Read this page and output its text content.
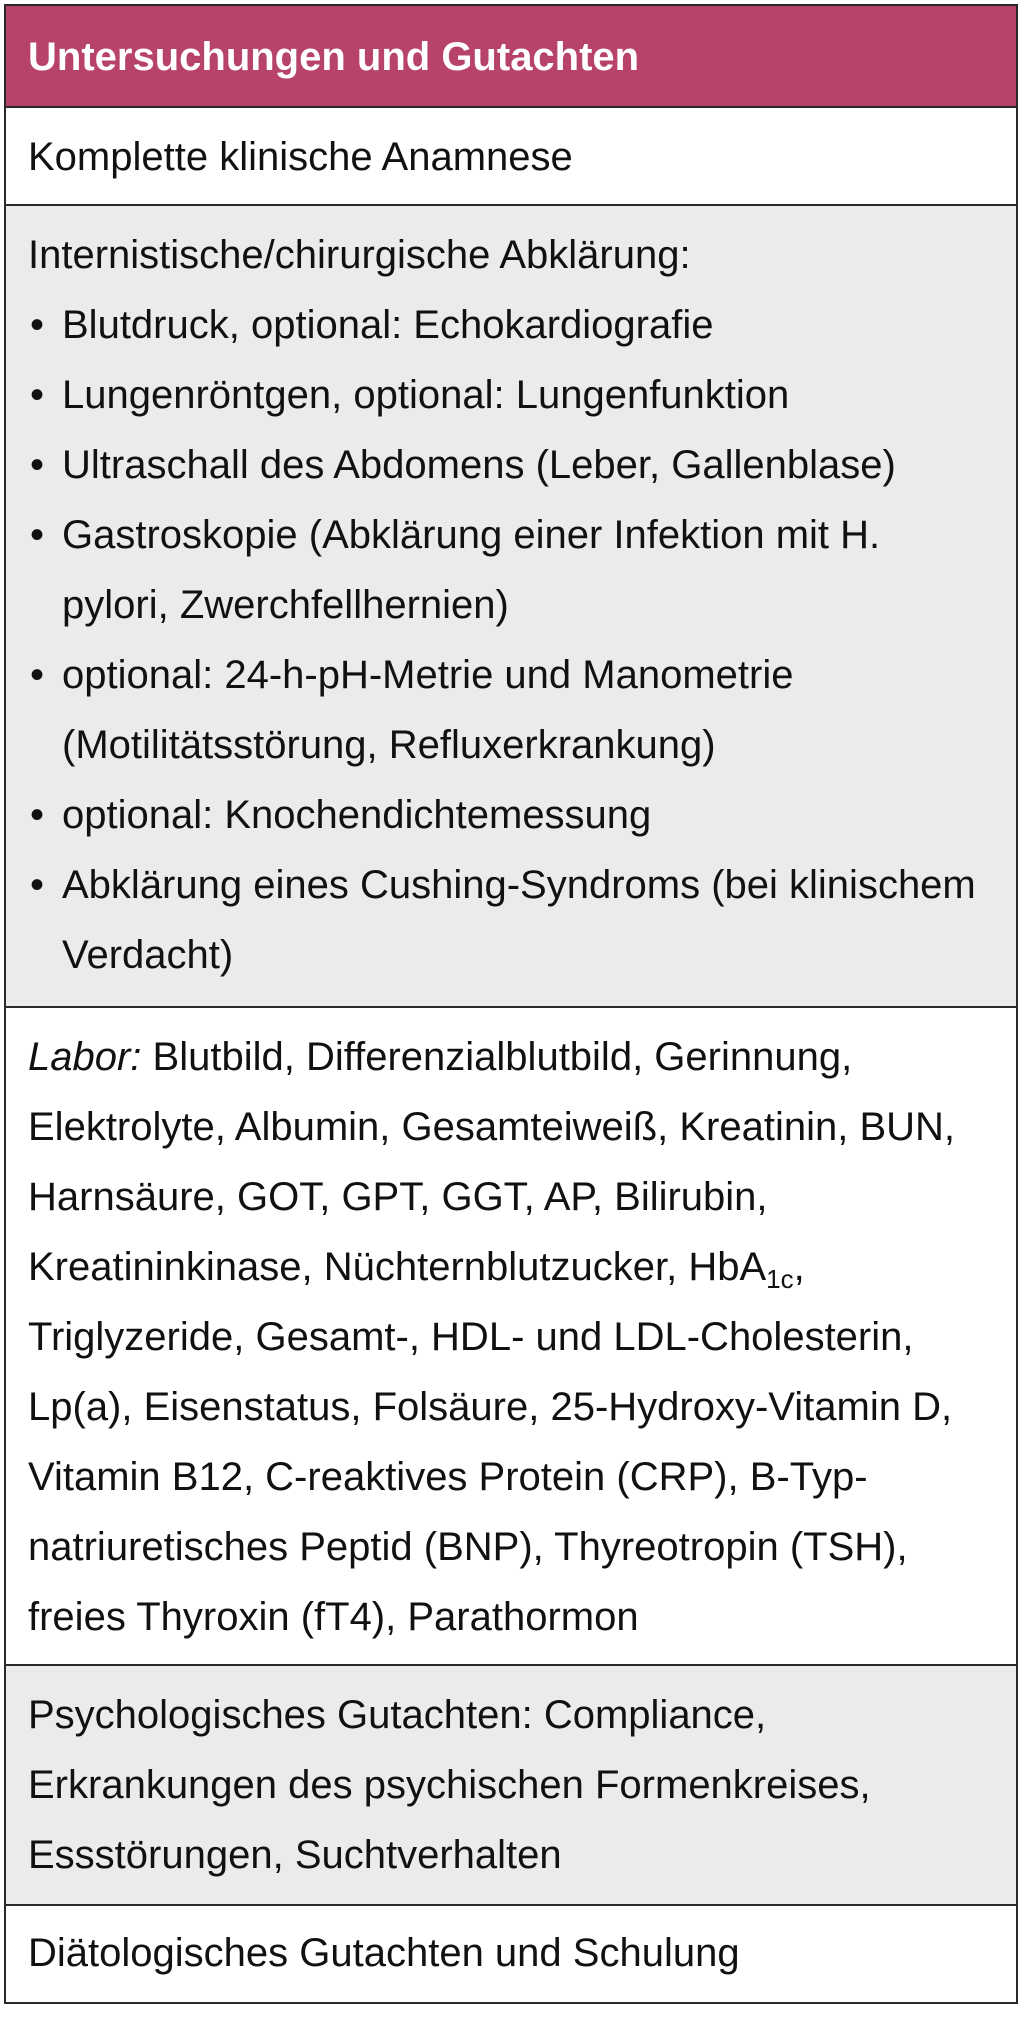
Untersuchungen und Gutachten
Komplette klinische Anamnese
Internistische/chirurgische Abklärung:
• Blutdruck, optional: Echokardiografie
• Lungenröntgen, optional: Lungenfunktion
• Ultraschall des Abdomens (Leber, Gallenblase)
• Gastroskopie (Abklärung einer Infektion mit H. pylori, Zwerchfellhernien)
• optional: 24-h-pH-Metrie und Manometrie (Motilitätsstörung, Refluxerkrankung)
• optional: Knochendichtemessung
• Abklärung eines Cushing-Syndroms (bei klinischem Verdacht)
Labor: Blutbild, Differenzialblutbild, Gerinnung, Elektrolyte, Albumin, Gesamteiweiß, Kreatinin, BUN, Harnsäure, GOT, GPT, GGT, AP, Bilirubin, Kreatininkinase, Nüchternblutzucker, HbA$_{1c}$, Triglyzeride, Gesamt-, HDL- und LDL-Cholesterin, Lp(a), Eisenstatus, Folsäure, 25-Hydroxy-Vitamin D, Vitamin B12, C-reaktives Protein (CRP), B-Typ-natriuretisches Peptid (BNP), Thyreotropin (TSH), freies Thyroxin (fT4), Parathormon
Psychologisches Gutachten: Compliance, Erkrankungen des psychischen Formenkreises, Essstörungen, Suchtverhalten
Diätologisches Gutachten und Schulung
